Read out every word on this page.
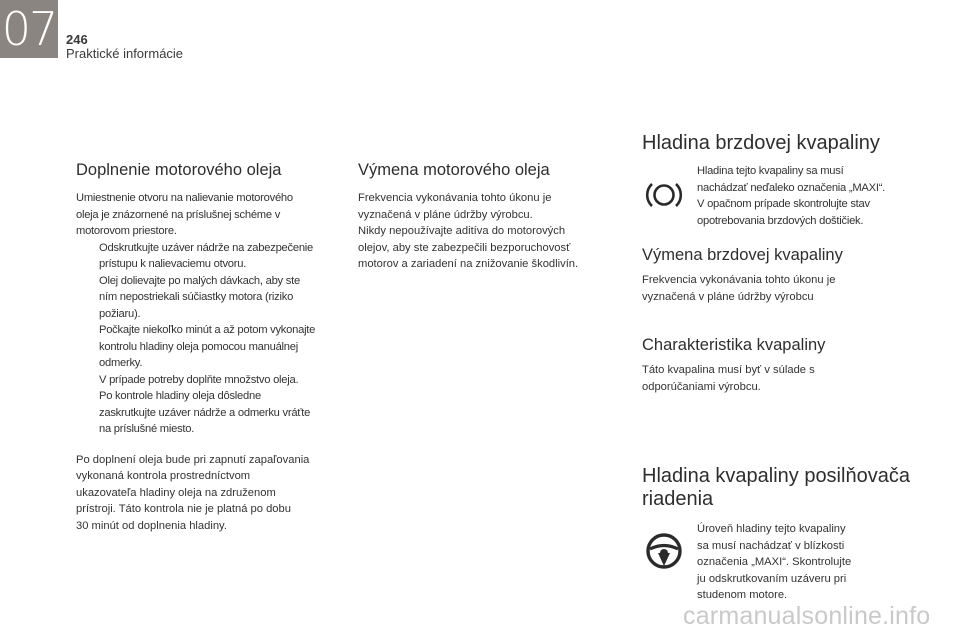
07 246
Praktické informácie
Doplnenie motorového oleja

Umiestnenie otvoru na nalievanie motorového
oleja je znázornené na príslušnej schéme v
motorovom priestore.

Odskrutkujte uzáver nádrže na zabezpečenie
prístupu k nalievaciemu otvoru.
Olej dolievajte po malých dávkach, aby ste
ním nepostriekali súčiastky motora (riziko
požiaru).
Počkajte niekoľko minút a až potom vykonajte
kontrolu hladiny oleja pomocou manuálnej
odmerky.
V prípade potreby doplňte množstvo oleja.
Po kontrole hladiny oleja dôsledne
zaskrutkujte uzáver nádrže a odmerku vráťte
na príslušné miesto.

Po doplnení oleja bude pri zapnutí zapaľovania
vykonaná kontrola prostredníctvom
ukazovateľa hladiny oleja na združenom
prístroji. Táto kontrola nie je platná po dobu
30 minút od doplnenia hladiny.

Výmena motorového oleja

Frekvencia vykonávania tohto úkonu je
vyznačená v pláne údržby výrobcu.
Nikdy nepoužívajte aditíva do motorových
olejov, aby ste zabezpečili bezporuchovosť
motorov a zariadení na znižovanie škodlivín.

Hladina brzdovej kvapaliny

Hladina tejto kvapaliny sa musí
nachádzať neďaleko označenia „MAXI“.
V opačnom prípade skontrolujte stav
opotrebovania brzdových doštičiek.

Výmena brzdovej kvapaliny

Frekvencia vykonávania tohto úkonu je
vyznačená v pláne údržby výrobcu

Charakteristika kvapaliny

Táto kvapalina musí byť v súlade s
odporúčaniami výrobcu.

Hladina kvapaliny posilňovača
riadenia

Úroveň hladiny tejto kvapaliny
sa musí nachádzať v blízkosti
označenia „MAXI“. Skontrolujte
ju odskrutkovaním uzáveru pri
studenom motore.

carmanualsonline.info
